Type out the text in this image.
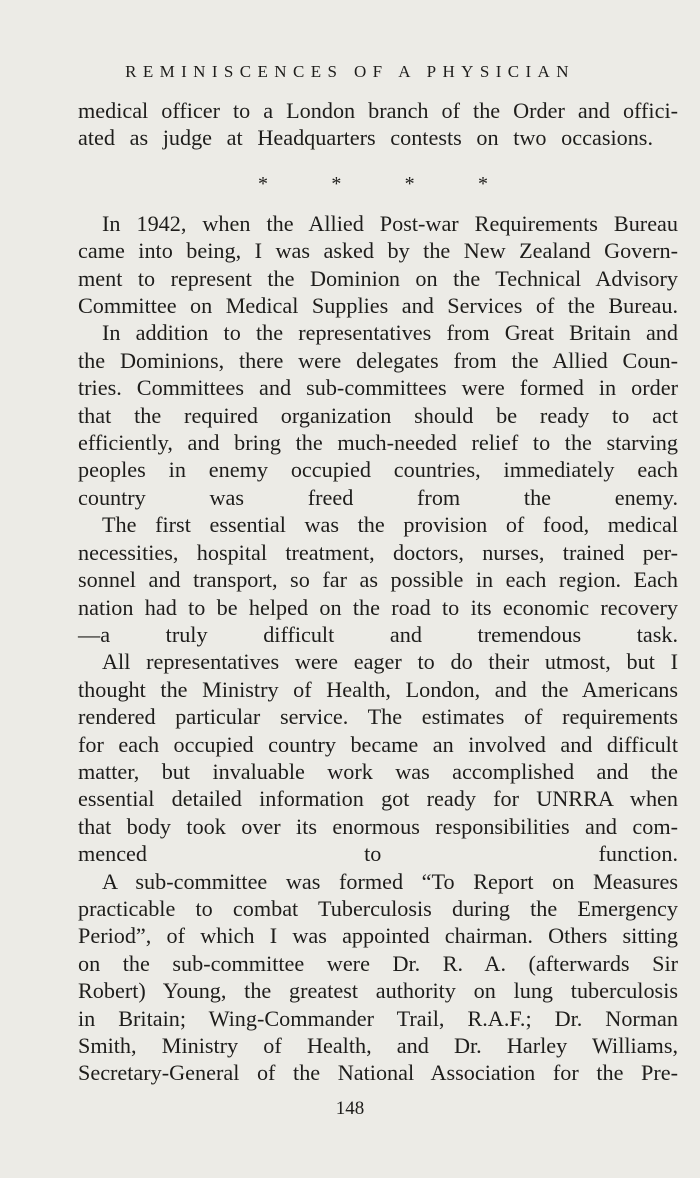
REMINISCENCES OF A PHYSICIAN
medical officer to a London branch of the Order and offici-
ated as judge at Headquarters contests on two occasions.
*	*	*	*
In 1942, when the Allied Post-war Requirements Bureau
came into being, I was asked by the New Zealand Govern-
ment to represent the Dominion on the Technical Advisory
Committee on Medical Supplies and Services of the Bureau.
In addition to the representatives from Great Britain and
the Dominions, there were delegates from the Allied Coun-
tries. Committees and sub-committees were formed in order
that the required organization should be ready to act
efficiently, and bring the much-needed relief to the starving
peoples in enemy occupied countries, immediately each
country was freed from the enemy.
The first essential was the provision of food, medical
necessities, hospital treatment, doctors, nurses, trained per-
sonnel and transport, so far as possible in each region. Each
nation had to be helped on the road to its economic recovery
—a truly difficult and tremendous task.
All representatives were eager to do their utmost, but I
thought the Ministry of Health, London, and the Americans
rendered particular service. The estimates of requirements
for each occupied country became an involved and difficult
matter, but invaluable work was accomplished and the
essential detailed information got ready for UNRRA when
that body took over its enormous responsibilities and com-
menced to function.
A sub-committee was formed “To Report on Measures
practicable to combat Tuberculosis during the Emergency
Period”, of which I was appointed chairman. Others sitting
on the sub-committee were Dr. R. A. (afterwards Sir
Robert) Young, the greatest authority on lung tuberculosis
in Britain; Wing-Commander Trail, R.A.F.; Dr. Norman
Smith, Ministry of Health, and Dr. Harley Williams,
Secretary-General of the National Association for the Pre-
148
